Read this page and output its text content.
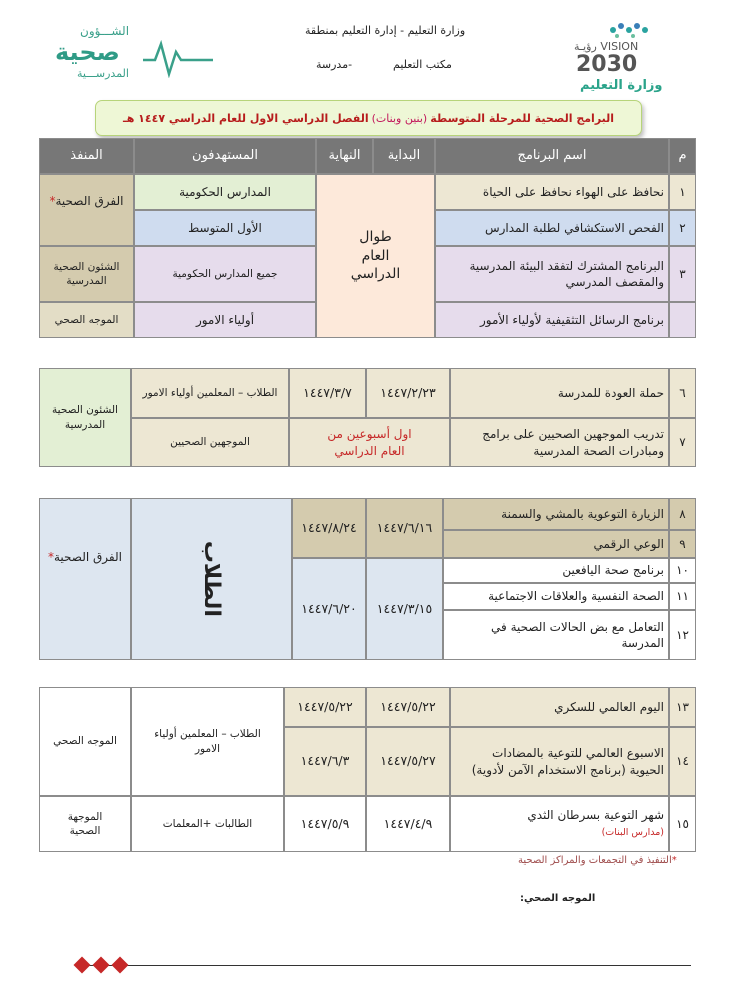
الشـــؤون
صحية
المدرســـية
وزارة التعليم - إدارة التعليم بمنطقة
مكتب التعليم
-مدرسة
VISION رؤيـة
2030
وزارة التعليم
البرامج الصحية للمرحلة المتوسطة
(بنين وبنات)
الفصل الدراسي الاول للعام الدراسي ١٤٤٧ هـ
م
اسم البرنامج
البداية
النهاية
المستهدفون
المنفذ
١
نحافظ على الهواء نحافظ على الحياة
المدارس الحكومية
٢
الفحص الاستكشافي لطلبة المدارس
الأول المتوسط
٣
البرنامج المشترك لتفقد البيئة المدرسية والمقصف المدرسي
جميع المدارس الحكومية
برنامج الرسائل التثقيفية لأولياء الأمور
أولياء الامور
طوال العام الدراسي
الفرق الصحية*
الشئون الصحية المدرسية
الموجه الصحي
٦
حملة العودة للمدرسة
١٤٤٧/٢/٢٣
١٤٤٧/٣/٧
الطلاب – المعلمين أولياء الامور
٧
تدريب الموجهين الصحيين على برامج ومبادرات الصحة المدرسية
اول أسبوعين من العام الدراسي
الموجهين الصحيين
الشئون الصحية المدرسية
٨
الزيارة التوعوية بالمشي والسمنة
٩
الوعي الرقمي
١٠
برنامج صحة اليافعين
١١
الصحة النفسية والعلاقات الاجتماعية
١٢
التعامل مع بض الحالات الصحية في المدرسة
١٤٤٧/٦/١٦
١٤٤٧/٨/٢٤
١٤٤٧/٣/١٥
١٤٤٧/٦/٢٠
الطلاب
الفرق الصحية*
١٣
اليوم العالمي للسكري
١٤٤٧/٥/٢٢
١٤٤٧/٥/٢٢
١٤
الاسبوع العالمي للتوعية بالمضادات الحيوية (برنامج الاستخدام الآمن لأدوية)
١٤٤٧/٥/٢٧
١٤٤٧/٦/٣
١٥
شهر التوعية بسرطان الثدي
(مدارس البنات)
١٤٤٧/٤/٩
١٤٤٧/٥/٩
الطلاب – المعلمين أولياء الامور
الطالبات +المعلمات
الموجه الصحي
الموجهة الصحية
*التنفيذ في التجمعات والمراكز الصحية
الموجه الصحي:
